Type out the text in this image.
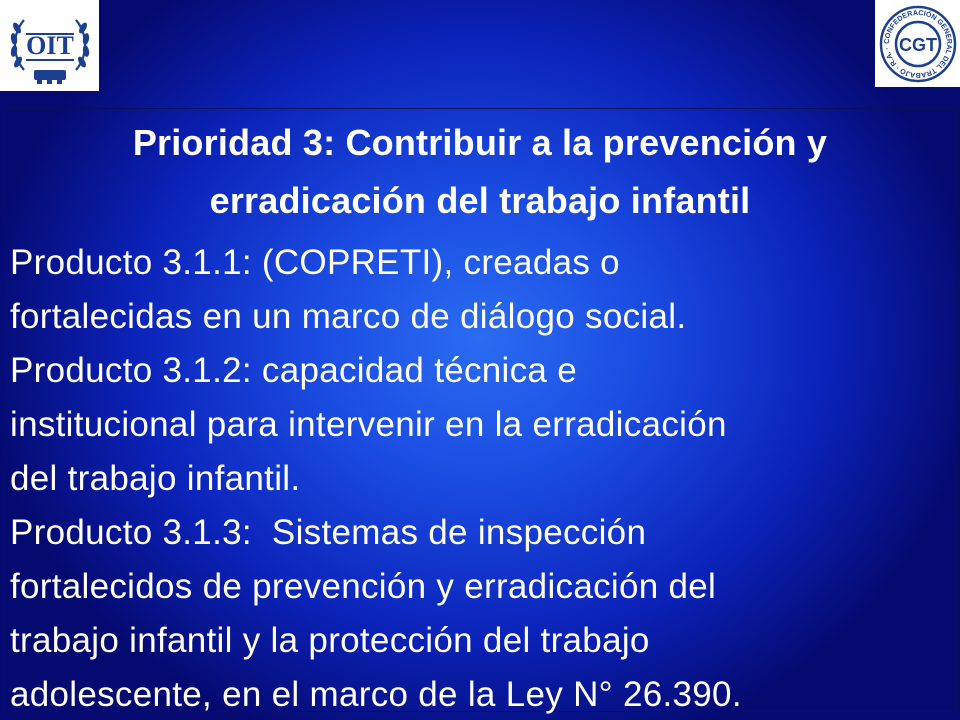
OIT	CONFEDERACIÓN GENERAL DEL TRABAJO · R.A. · CGT
Prioridad 3: Contribuir a la prevención y
erradicación del trabajo infantil
Producto 3.1.1: (COPRETI), creadas o
fortalecidas en un marco de diálogo social.
Producto 3.1.2: capacidad técnica e
institucional para intervenir en la erradicación
del trabajo infantil.
Producto 3.1.3:  Sistemas de inspección
fortalecidos de prevención y erradicación del
trabajo infantil y la protección del trabajo
adolescente, en el marco de la Ley N° 26.390.
